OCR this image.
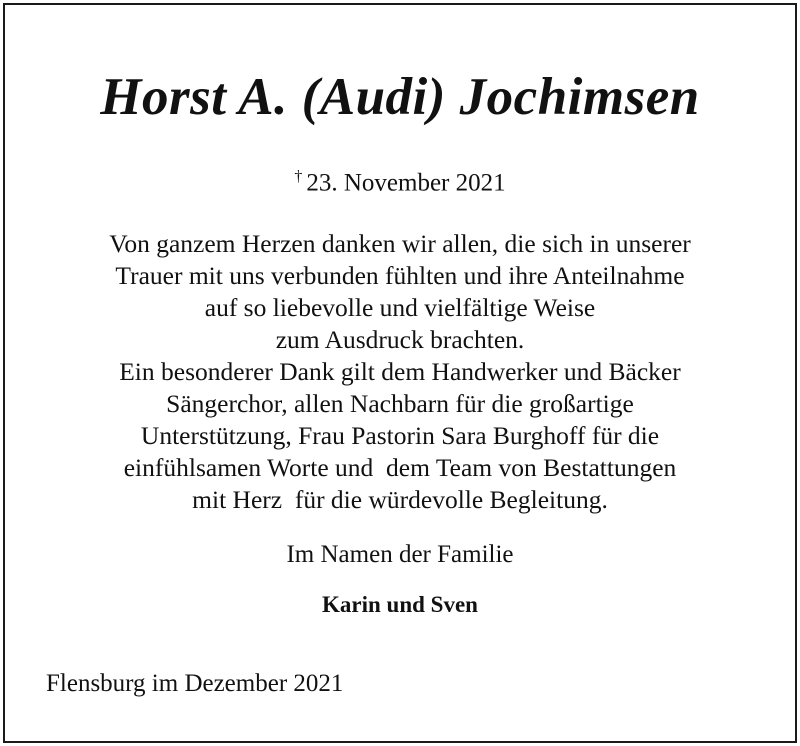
Horst A. (Audi) Jochimsen
† 23. November 2021
Von ganzem Herzen danken wir allen, die sich in unserer
Trauer mit uns verbunden fühlten und ihre Anteilnahme
auf so liebevolle und vielfältige Weise
zum Ausdruck brachten.
Ein besonderer Dank gilt dem Handwerker und Bäcker
Sängerchor, allen Nachbarn für die großartige
Unterstützung, Frau Pastorin Sara Burghoff für die
einfühlsamen Worte und  dem Team von Bestattungen
mit Herz  für die würdevolle Begleitung.
Im Namen der Familie
Karin und Sven
Flensburg im Dezember 2021
